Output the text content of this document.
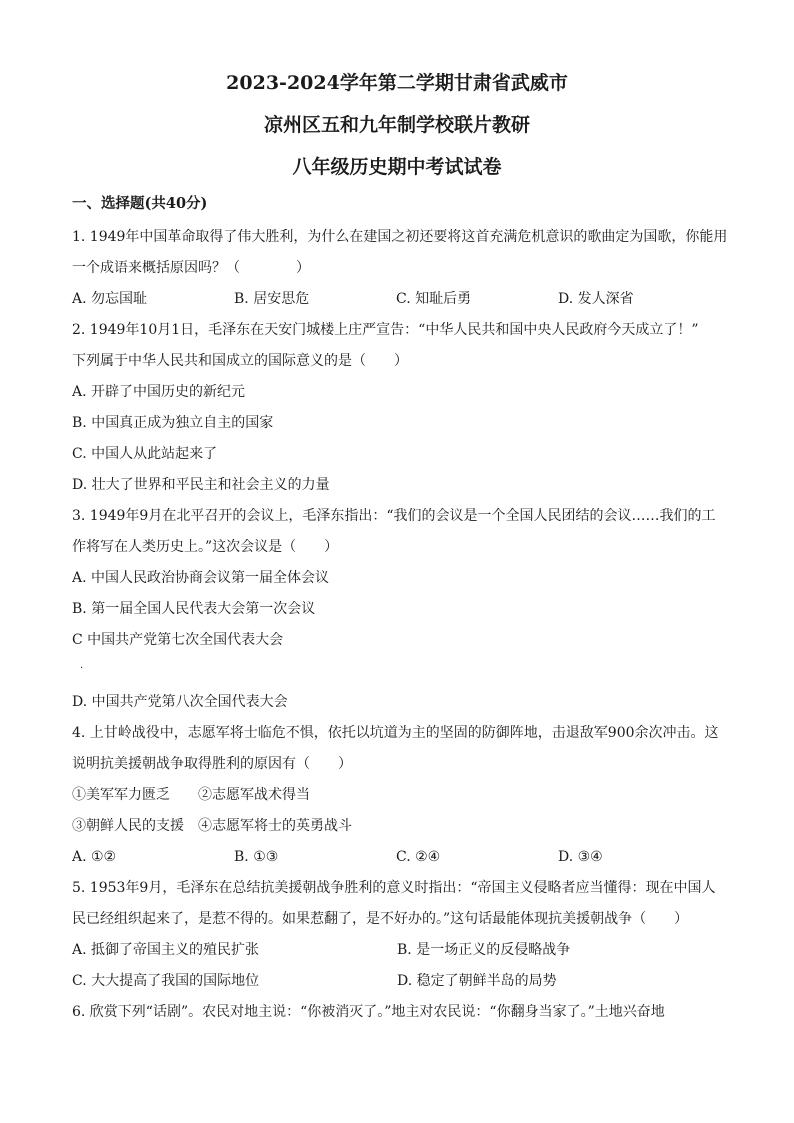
2023-2024学年第二学期甘肃省武威市
凉州区五和九年制学校联片教研
八年级历史期中考试试卷
一、选择题(共40分)
1. 1949年中国革命取得了伟大胜利，为什么在建国之初还要将这首充满危机意识的歌曲定为国歌，你能用
一个成语来概括原因吗？（　　　　）
A. 勿忘国耻	B. 居安思危	C. 知耻后勇	D. 发人深省
2. 1949年10月1日，毛泽东在天安门城楼上庄严宣告：“中华人民共和国中央人民政府今天成立了！”
下列属于中华人民共和国成立的国际意义的是（　　）
A. 开辟了中国历史的新纪元
B. 中国真正成为独立自主的国家
C. 中国人从此站起来了
D. 壮大了世界和平民主和社会主义的力量
3. 1949年9月在北平召开的会议上，毛泽东指出：“我们的会议是一个全国人民团结的会议……我们的工
作将写在人类历史上。”这次会议是（　　）
A. 中国人民政治协商会议第一届全体会议
B. 第一届全国人民代表大会第一次会议
C 中国共产党第七次全国代表大会
.
D. 中国共产党第八次全国代表大会
4. 上甘岭战役中，志愿军将士临危不惧，依托以坑道为主的坚固的防御阵地，击退敌军900余次冲击。这
说明抗美援朝战争取得胜利的原因有（　　）
①美军军力匮乏　　②志愿军战术得当
③朝鲜人民的支援　④志愿军将士的英勇战斗
A. ①②	B. ①③	C. ②④	D. ③④
5. 1953年9月，毛泽东在总结抗美援朝战争胜利的意义时指出：“帝国主义侵略者应当懂得：现在中国人
民已经组织起来了，是惹不得的。如果惹翻了，是不好办的。”这句话最能体现抗美援朝战争（　　）
A. 抵御了帝国主义的殖民扩张	B. 是一场正义的反侵略战争
C. 大大提高了我国的国际地位	D. 稳定了朝鲜半岛的局势
6. 欣赏下列“话剧”。农民对地主说：“你被消灭了。”地主对农民说：“你翻身当家了。”土地兴奋地
